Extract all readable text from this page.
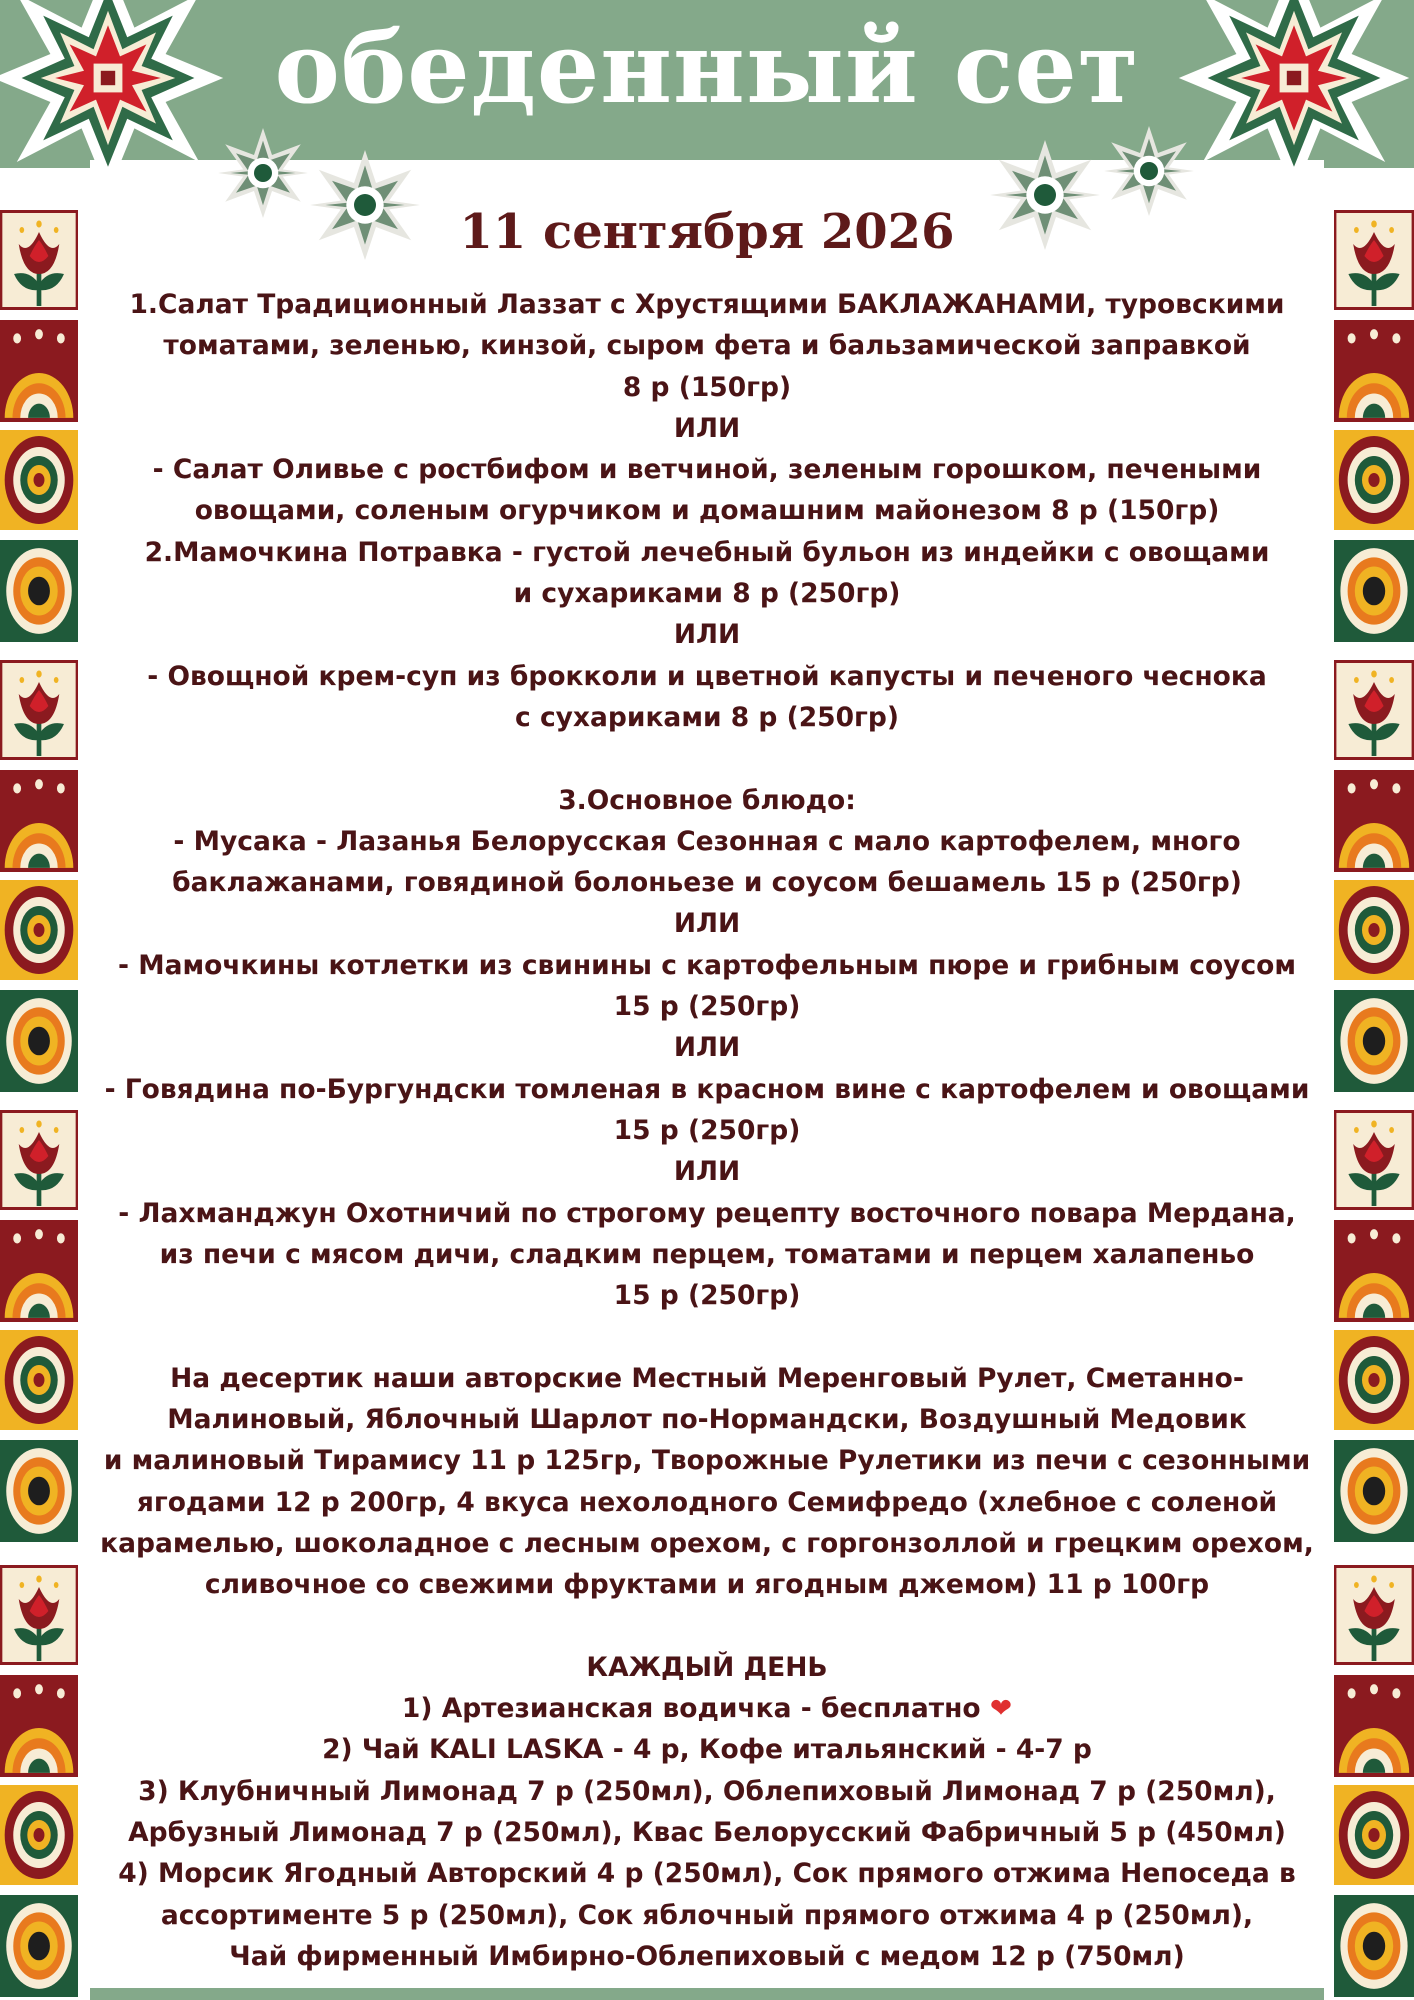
обеденный сет
11 сентября 2026
1.Салат Традиционный Лаззат с Хрустящими БАКЛАЖАНАМИ, туровскими
томатами, зеленью, кинзой, сыром фета и бальзамической заправкой
8 р (150гр)
ИЛИ
- Салат Оливье с ростбифом и ветчиной, зеленым горошком, печеными
овощами, соленым огурчиком и домашним майонезом 8 р (150гр)
2.Мамочкина Потравка - густой лечебный бульон из индейки с овощами
и сухариками 8 р (250гр)
ИЛИ
- Овощной крем-суп из брокколи и цветной капусты и печеного чеснока
с сухариками 8 р (250гр)
3.Основное блюдо:
- Мусака - Лазанья Белорусская Сезонная с мало картофелем, много
баклажанами, говядиной болоньезе и соусом бешамель 15 р (250гр)
ИЛИ
- Мамочкины котлетки из свинины с картофельным пюре и грибным соусом
15 р (250гр)
ИЛИ
- Говядина по-Бургундски томленая в красном вине с картофелем и овощами
15 р (250гр)
ИЛИ
- Лахманджун Охотничий по строгому рецепту восточного повара Мердана,
из печи с мясом дичи, сладким перцем, томатами и перцем халапеньо
15 р (250гр)
На десертик наши авторские Местный Меренговый Рулет, Сметанно-
Малиновый, Яблочный Шарлот по-Нормандски, Воздушный Медовик
и малиновый Тирамису 11 р 125гр, Творожные Рулетики из печи с сезонными
ягодами 12 р 200гр, 4 вкуса нехолодного Семифредо (хлебное с соленой
карамелью, шоколадное с лесным орехом, с горгонзоллой и грецким орехом,
сливочное со свежими фруктами и ягодным джемом) 11 р 100гр
КАЖДЫЙ ДЕНЬ
1) Артезианская водичка - бесплатно ❤
2) Чай KALI LASKA - 4 р, Кофе итальянский - 4-7 р
3) Клубничный Лимонад 7 р (250мл), Облепиховый Лимонад 7 р (250мл),
Арбузный Лимонад 7 р (250мл), Квас Белорусский Фабричный 5 р (450мл)
4) Морсик Ягодный Авторский 4 р (250мл), Сок прямого отжима Непоседа в
ассортименте 5 р (250мл), Сок яблочный прямого отжима 4 р (250мл),
Чай фирменный Имбирно-Облепиховый с медом 12 р (750мл)
